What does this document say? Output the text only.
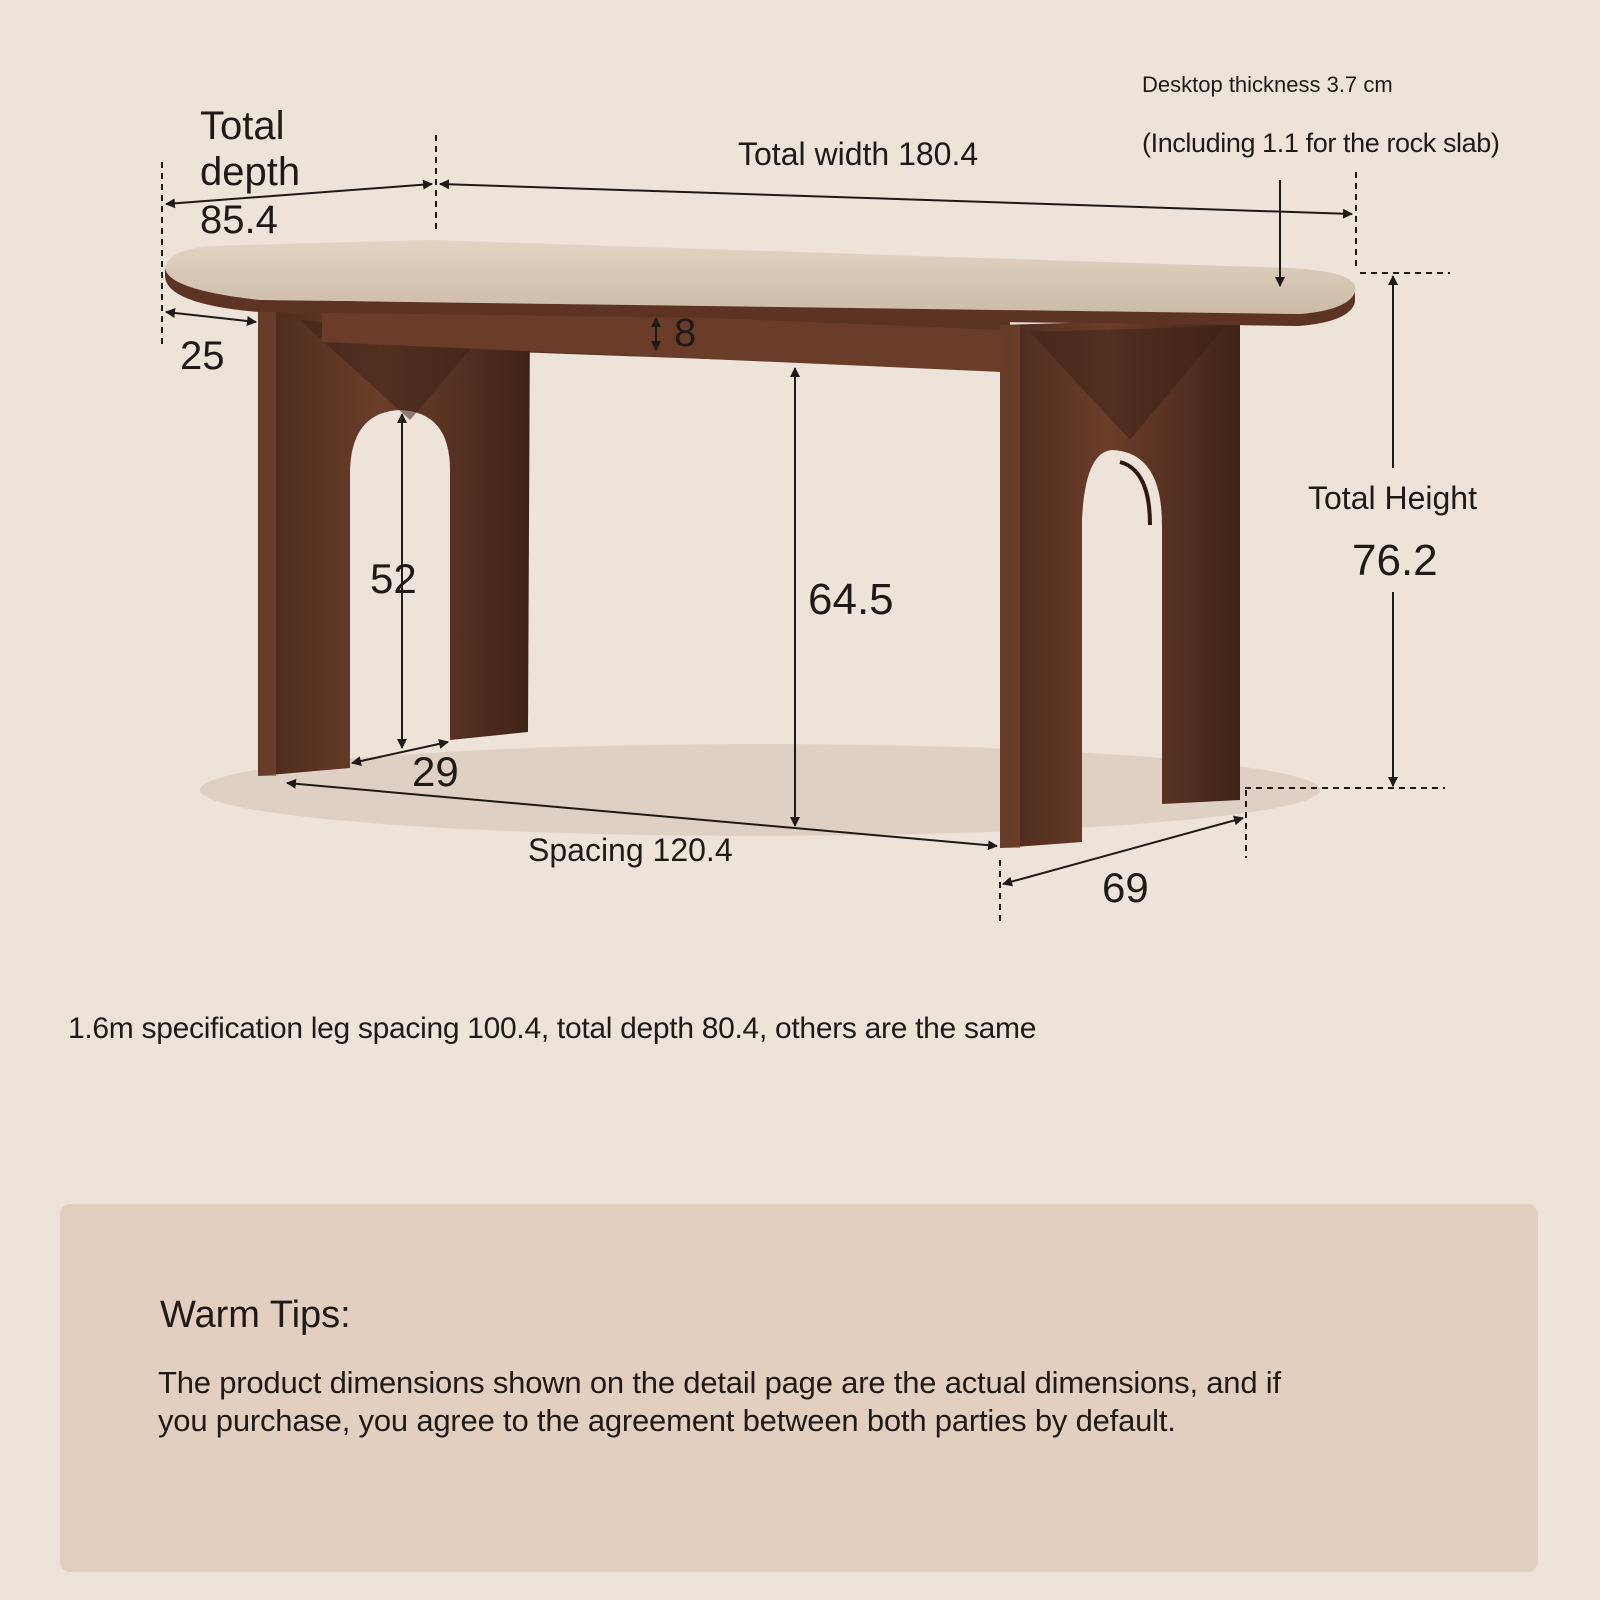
Desktop thickness 3.7 cm
(Including 1.1 for the rock slab)
Total width 180.4
Total
depth
85.4
25
8
52
29
64.5
Spacing 120.4
69
Total Height
76.2
1.6m specification leg spacing 100.4, total depth 80.4, others are the same
Warm Tips:
The product dimensions shown on the detail page are the actual dimensions, and if you purchase, you agree to the agreement between both parties by default.
